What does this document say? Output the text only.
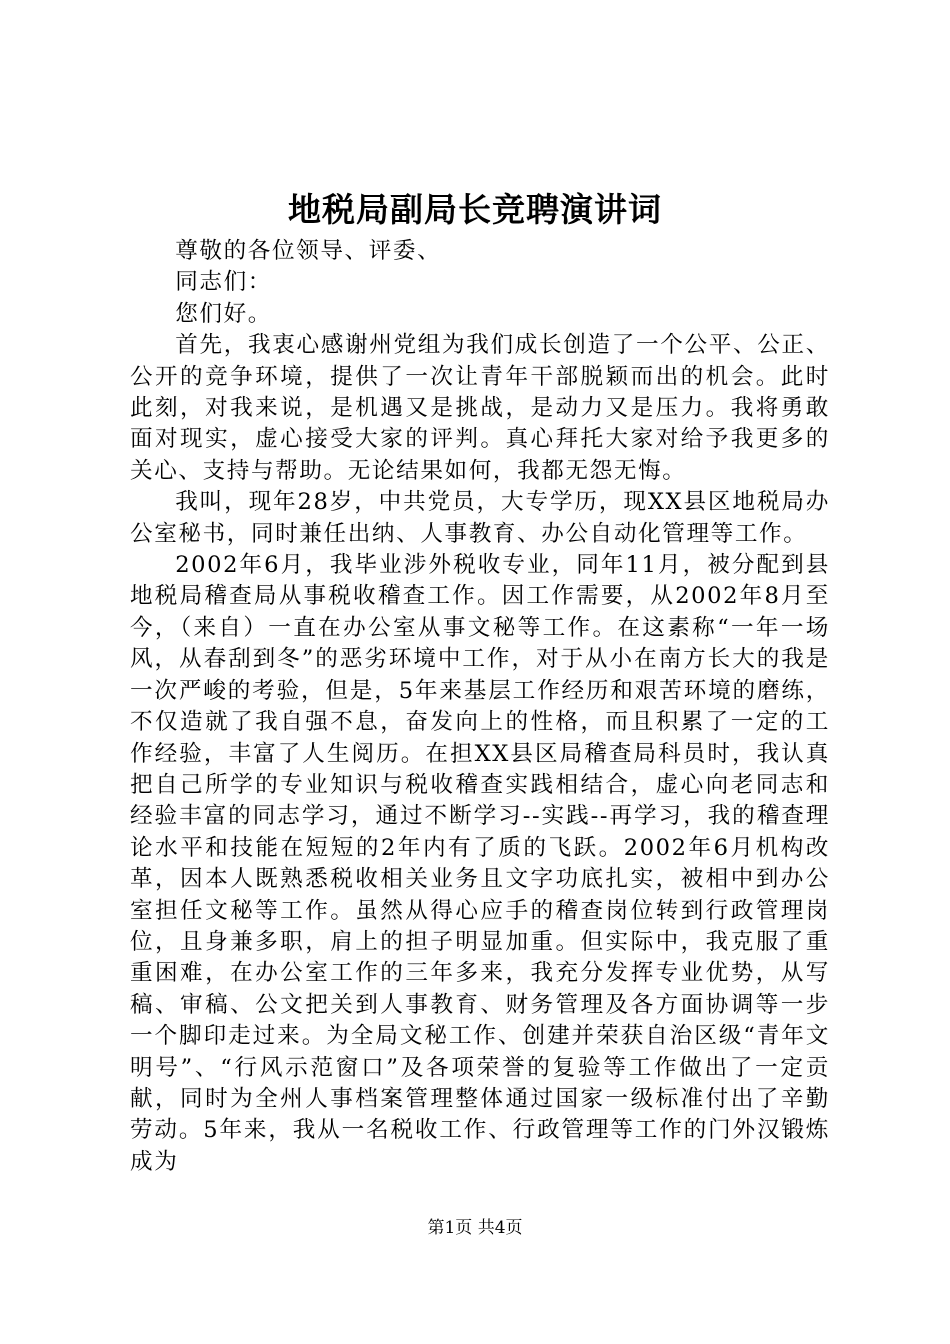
地税局副局长竞聘演讲词

尊敬的各位领导、评委、

同志们：

您们好。

首先，我衷心感谢州党组为我们成长创造了一个公平、公正、公开的竞争环境，提供了一次让青年干部脱颖而出的机会。此时此刻，对我来说，是机遇又是挑战，是动力又是压力。我将勇敢面对现实，虚心接受大家的评判。真心拜托大家对给予我更多的关心、支持与帮助。无论结果如何，我都无怨无悔。

我叫，现年28岁，中共党员，大专学历，现XX县区地税局办公室秘书，同时兼任出纳、人事教育、办公自动化管理等工作。

2002年6月，我毕业涉外税收专业，同年11月，被分配到县地税局稽查局从事税收稽查工作。因工作需要，从2002年8月至今，（来自）一直在办公室从事文秘等工作。在这素称“一年一场风，从春刮到冬”的恶劣环境中工作，对于从小在南方长大的我是一次严峻的考验，但是，5年来基层工作经历和艰苦环境的磨练，不仅造就了我自强不息，奋发向上的性格，而且积累了一定的工作经验，丰富了人生阅历。在担XX县区局稽查局科员时，我认真把自己所学的专业知识与税收稽查实践相结合，虚心向老同志和经验丰富的同志学习，通过不断学习--实践--再学习，我的稽查理论水平和技能在短短的2年内有了质的飞跃。2002年6月机构改革，因本人既熟悉税收相关业务且文字功底扎实，被相中到办公室担任文秘等工作。虽然从得心应手的稽查岗位转到行政管理岗位，且身兼多职，肩上的担子明显加重。但实际中，我克服了重重困难，在办公室工作的三年多来，我充分发挥专业优势，从写稿、审稿、公文把关到人事教育、财务管理及各方面协调等一步一个脚印走过来。为全局文秘工作、创建并荣获自治区级“青年文明号”、“行风示范窗口”及各项荣誉的复验等工作做出了一定贡献，同时为全州人事档案管理整体通过国家一级标准付出了辛勤劳动。5年来，我从一名税收工作、行政管理等工作的门外汉锻炼成为

第1页 共4页
